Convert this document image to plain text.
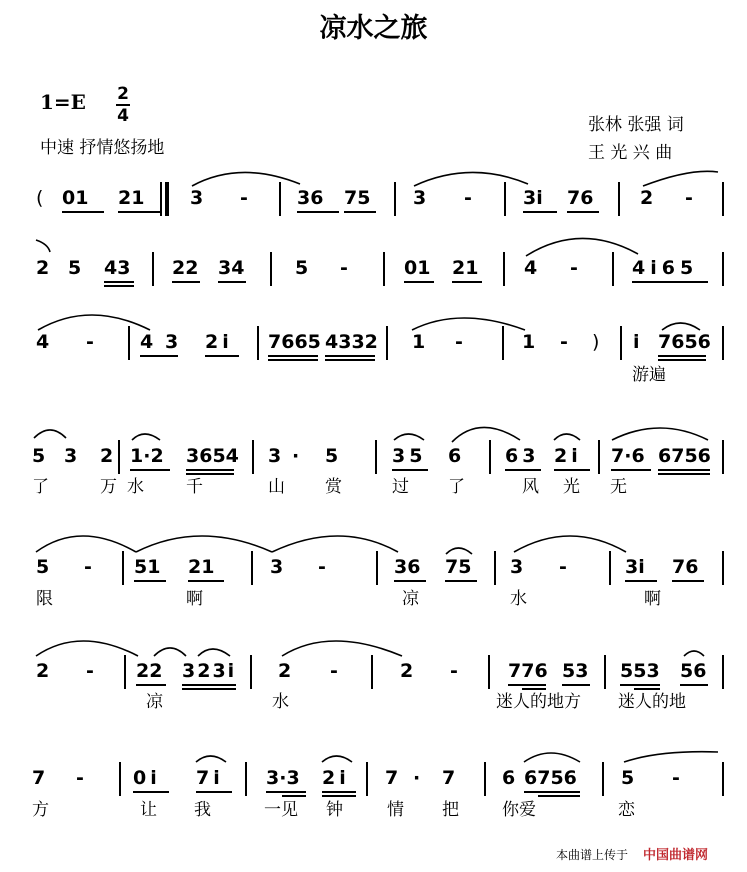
凉水之旅
1=E 2
4
中速 抒情悠扬地
张林 张强 词
王 光 兴 曲
( 01 21 3 -	36 75 3 -	3i 76 2 -
2 5 43 22 34	5 -	01 21 4 -	4i65
4 - 4 3 2i 7665 4332 1 -	1 - ) i 7656
游遍
5 3 2 1·2 3654 3 · 5	35 6 63 2i 7·6 6756
了	万水 千	山 赏	过 了	风光 无
5 - 51 21	3 -	36 75 3 -	3i 76
限	啊	凉	水	啊
2 - 22 323i 2 -	2 -	776 53 553 56
凉	水	迷人的地方 迷人的地
7 -	0i 7i 3·3 2i 7 · 7 6 6756 5 -
方	让 我	一见 钟	情 把	你爱	恋
本曲谱上传于 中国曲谱网
